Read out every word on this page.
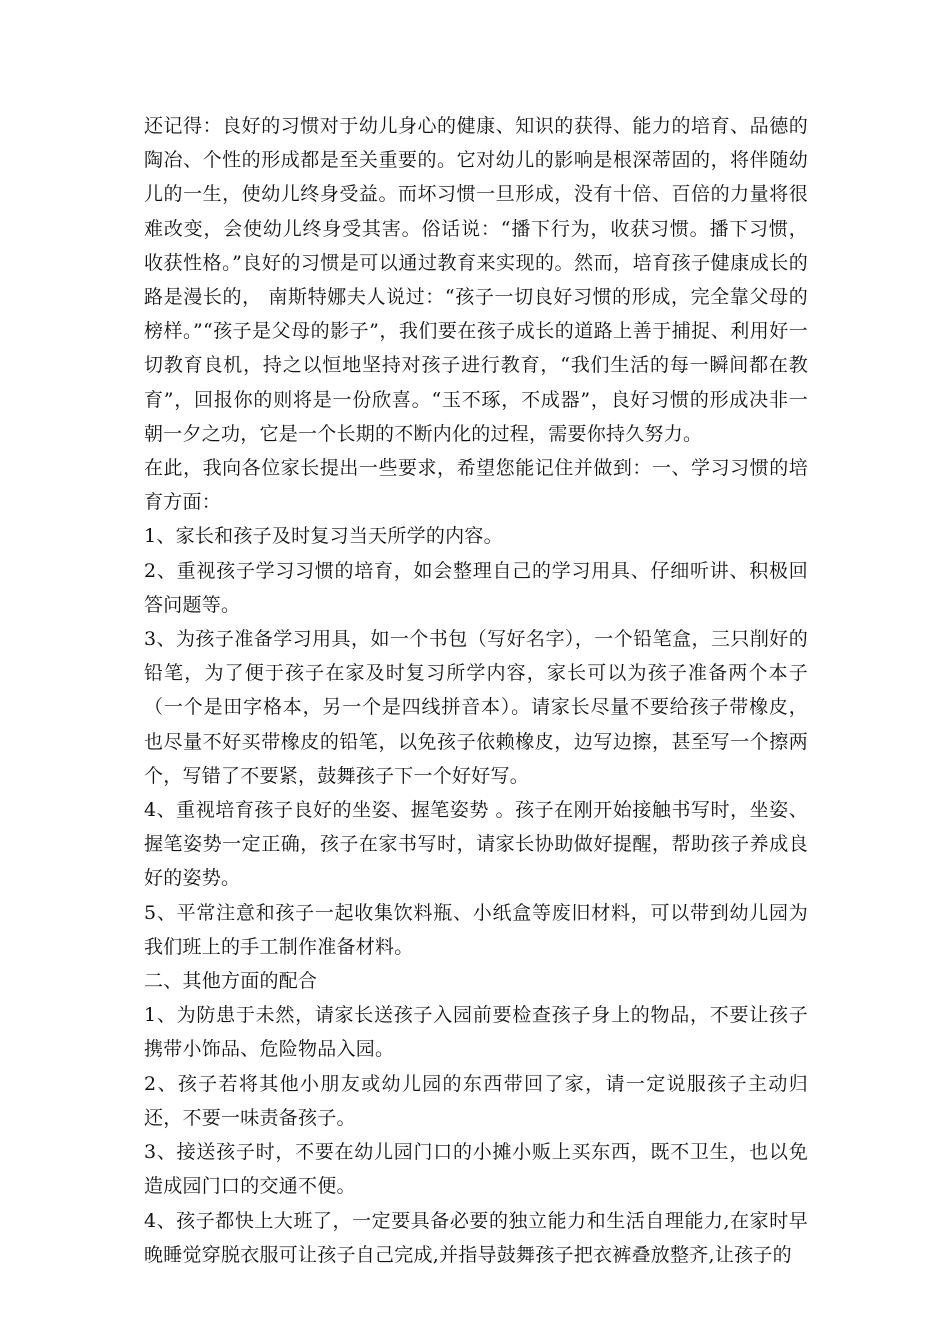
还记得：良好的习惯对于幼儿身心的健康、知识的获得、能力的培育、品德的陶冶、个性的形成都是至关重要的。它对幼儿的影响是根深蒂固的，将伴随幼儿的一生，使幼儿终身受益。而坏习惯一旦形成，没有十倍、百倍的力量将很难改变，会使幼儿终身受其害。俗话说：“播下行为，收获习惯。播下习惯，收获性格。”良好的习惯是可以通过教育来实现的。然而，培育孩子健康成长的路是漫长的， 南斯特娜夫人说过：“孩子一切良好习惯的形成，完全靠父母的榜样。”“孩子是父母的影子”，我们要在孩子成长的道路上善于捕捉、利用好一切教育良机，持之以恒地坚持对孩子进行教育，“我们生活的每一瞬间都在教育”，回报你的则将是一份欣喜。“玉不琢，不成器”，良好习惯的形成决非一朝一夕之功，它是一个长期的不断内化的过程，需要你持久努力。

在此，我向各位家长提出一些要求，希望您能记住并做到：一、学习习惯的培育方面：

1、家长和孩子及时复习当天所学的内容。

2、重视孩子学习习惯的培育，如会整理自己的学习用具、仔细听讲、积极回答问题等。

3、为孩子准备学习用具，如一个书包（写好名字），一个铅笔盒，三只削好的铅笔，为了便于孩子在家及时复习所学内容，家长可以为孩子准备两个本子（一个是田字格本，另一个是四线拼音本）。请家长尽量不要给孩子带橡皮，也尽量不好买带橡皮的铅笔，以免孩子依赖橡皮，边写边擦，甚至写一个擦两个，写错了不要紧，鼓舞孩子下一个好好写。

4、重视培育孩子良好的坐姿、握笔姿势 。孩子在刚开始接触书写时，坐姿、握笔姿势一定正确，孩子在家书写时，请家长协助做好提醒，帮助孩子养成良好的姿势。

5、平常注意和孩子一起收集饮料瓶、小纸盒等废旧材料，可以带到幼儿园为我们班上的手工制作准备材料。

二、其他方面的配合

1、为防患于未然，请家长送孩子入园前要检查孩子身上的物品，不要让孩子携带小饰品、危险物品入园。

2、孩子若将其他小朋友或幼儿园的东西带回了家，请一定说服孩子主动归还，不要一味责备孩子。

3、接送孩子时，不要在幼儿园门口的小摊小贩上买东西，既不卫生，也以免造成园门口的交通不便。

4、孩子都快上大班了，一定要具备必要的独立能力和生活自理能力,在家时早晚睡觉穿脱衣服可让孩子自己完成,并指导鼓舞孩子把衣裤叠放整齐,让孩子的
